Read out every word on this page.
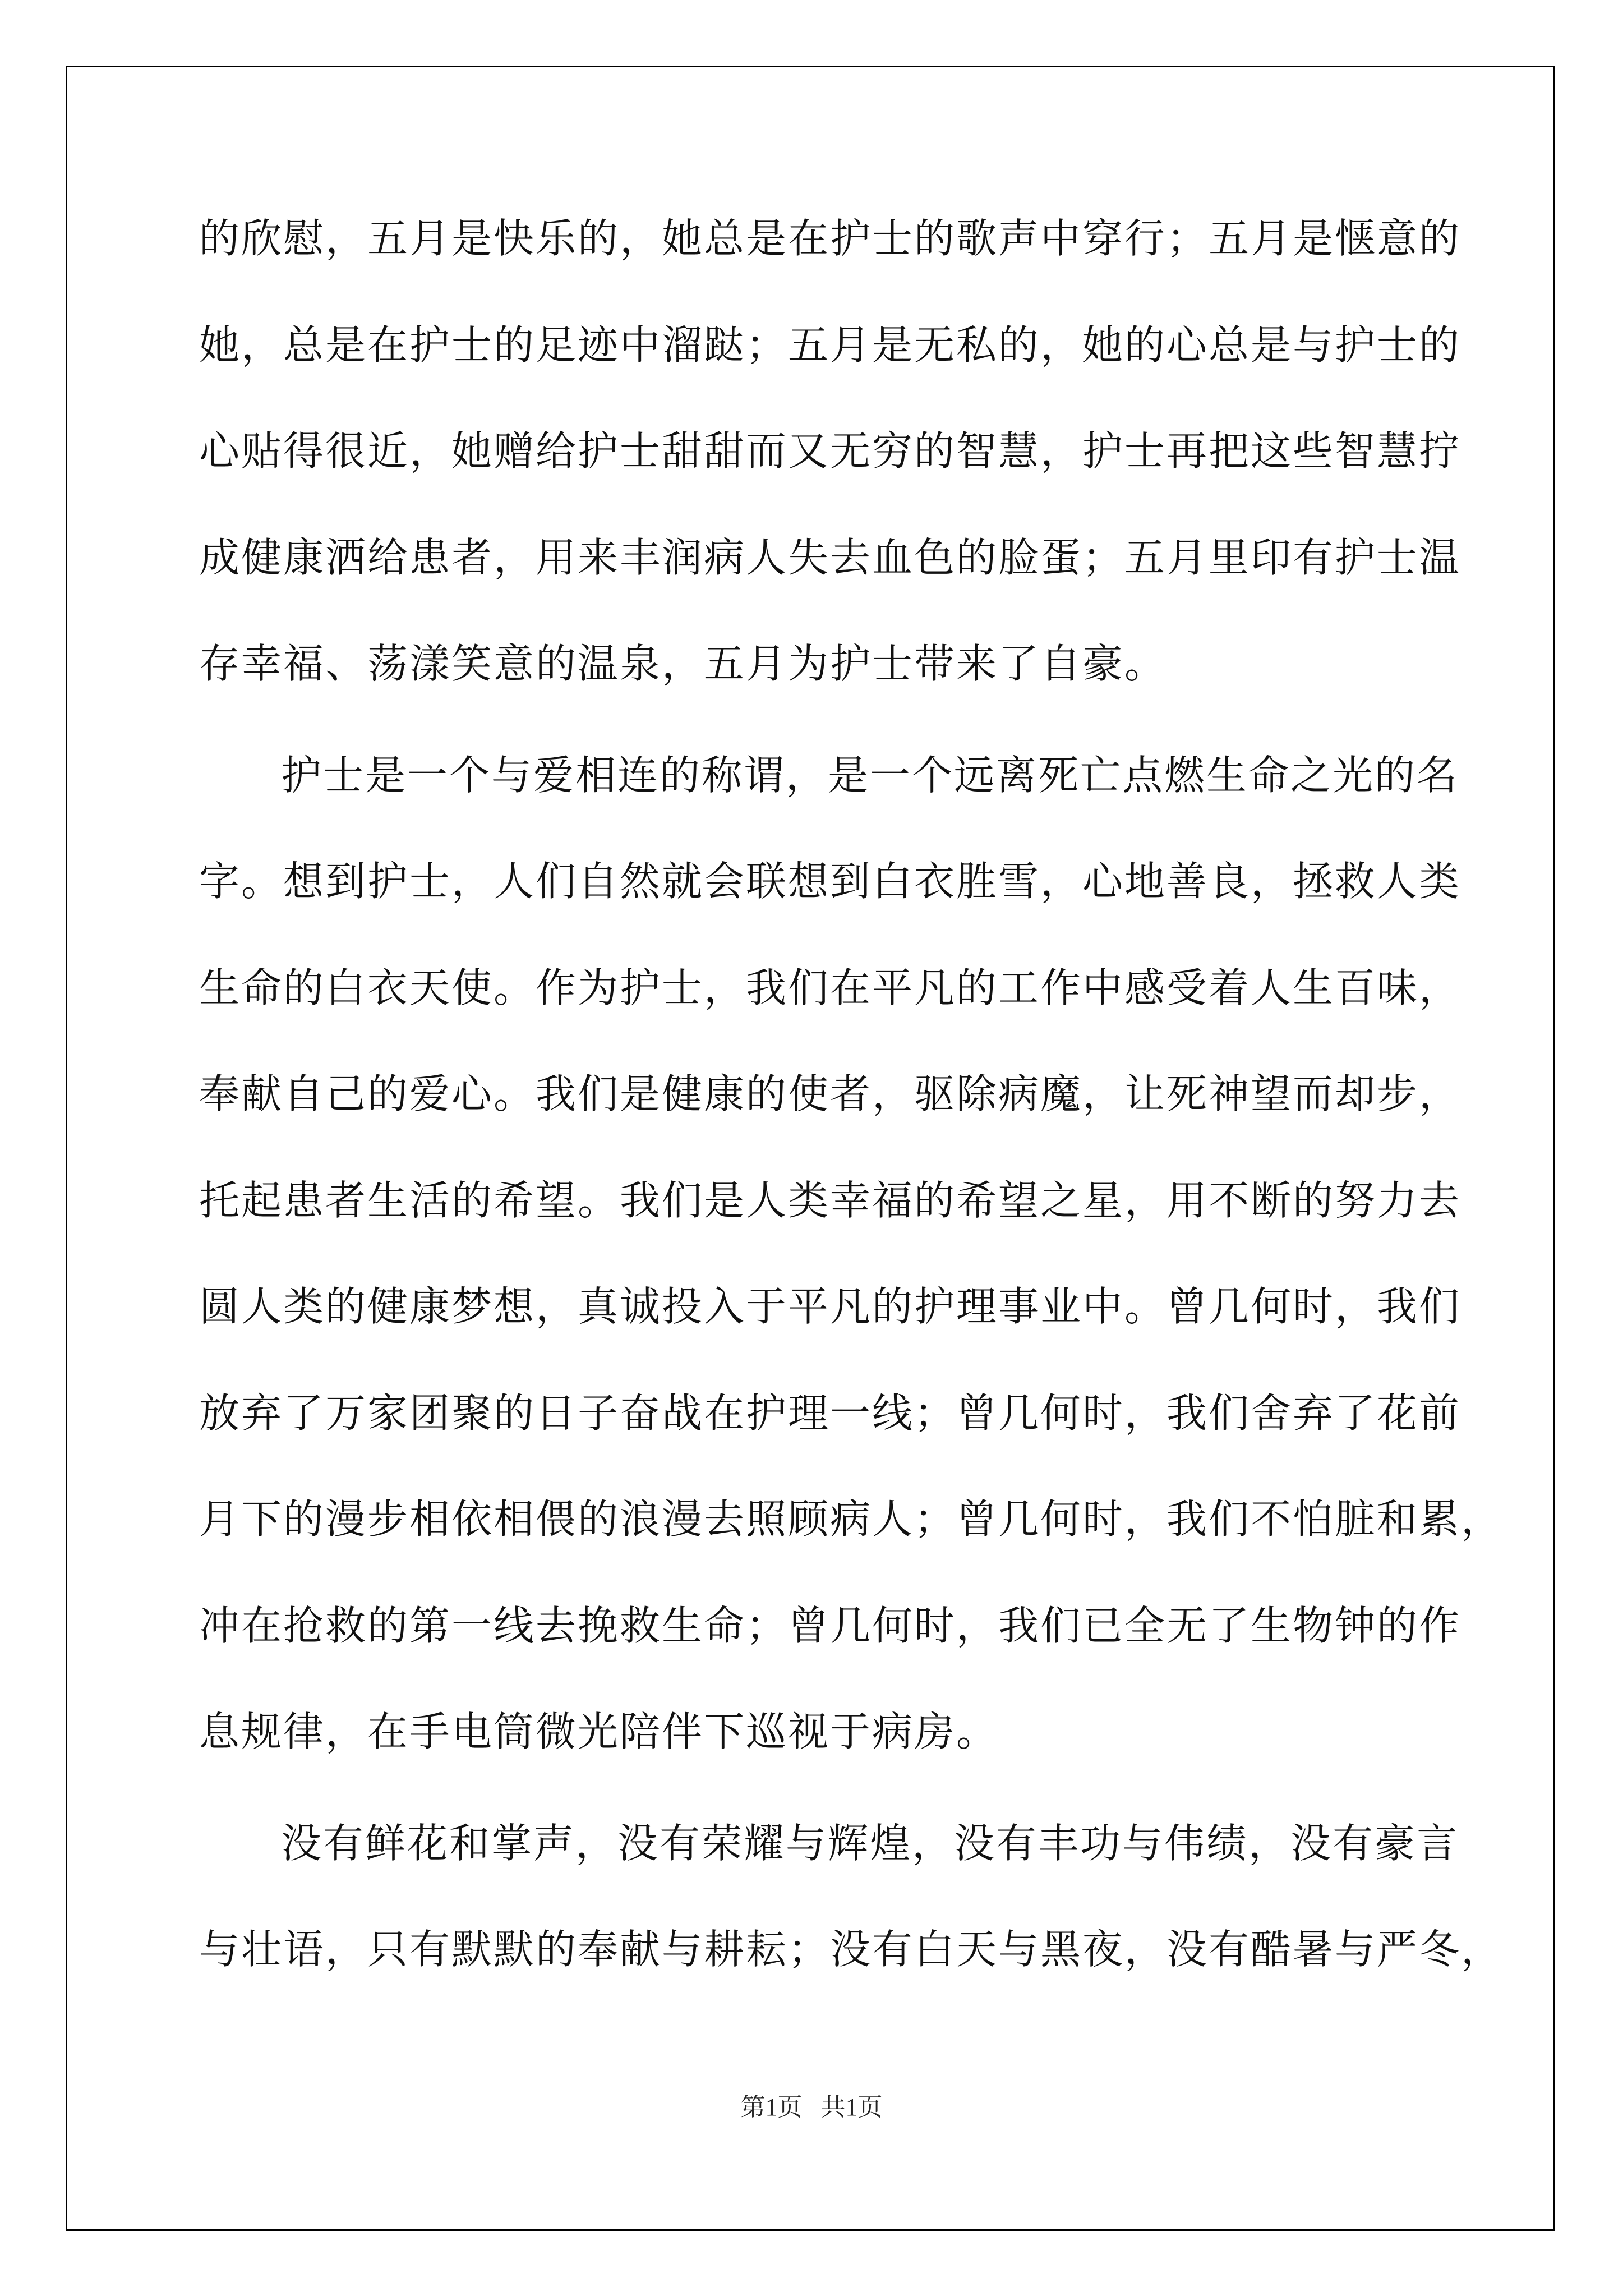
的欣慰，五月是快乐的，她总是在护士的歌声中穿行；五月是惬意的
她，总是在护士的足迹中溜跶；五月是无私的，她的心总是与护士的
心贴得很近，她赠给护士甜甜而又无穷的智慧，护士再把这些智慧拧
成健康洒给患者，用来丰润病人失去血色的脸蛋；五月里印有护士温
存幸福、荡漾笑意的温泉，五月为护士带来了自豪。
护士是一个与爱相连的称谓，是一个远离死亡点燃生命之光的名
字。想到护士，人们自然就会联想到白衣胜雪，心地善良，拯救人类
生命的白衣天使。作为护士，我们在平凡的工作中感受着人生百味，
奉献自己的爱心。我们是健康的使者，驱除病魔，让死神望而却步，
托起患者生活的希望。我们是人类幸福的希望之星，用不断的努力去
圆人类的健康梦想，真诚投入于平凡的护理事业中。曾几何时，我们
放弃了万家团聚的日子奋战在护理一线；曾几何时，我们舍弃了花前
月下的漫步相依相偎的浪漫去照顾病人；曾几何时，我们不怕脏和累，
冲在抢救的第一线去挽救生命；曾几何时，我们已全无了生物钟的作
息规律，在手电筒微光陪伴下巡视于病房。
没有鲜花和掌声，没有荣耀与辉煌，没有丰功与伟绩，没有豪言
与壮语，只有默默的奉献与耕耘；没有白天与黑夜，没有酷暑与严冬，
第1页   共1页
